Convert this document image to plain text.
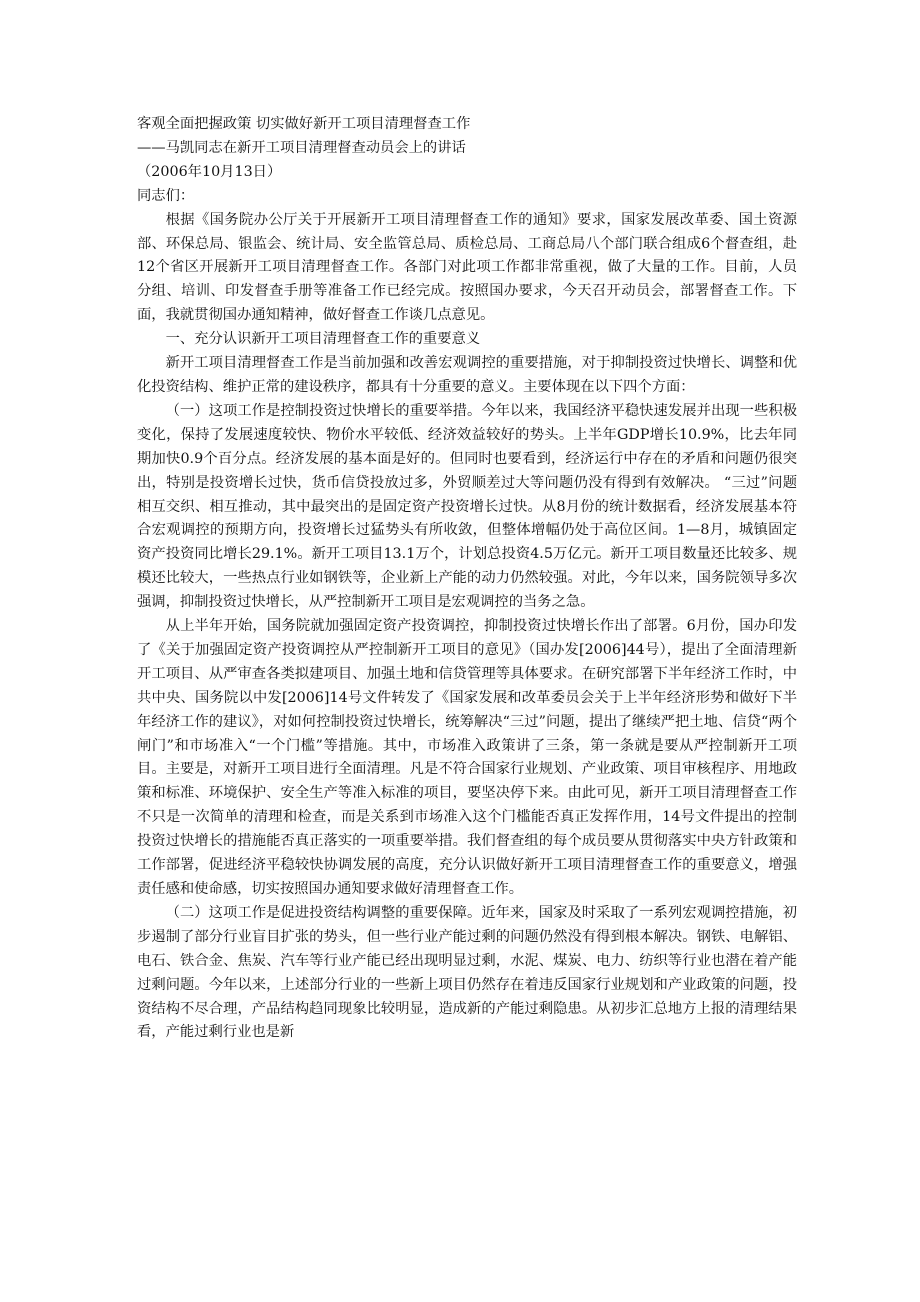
客观全面把握政策 切实做好新开工项目清理督查工作

——马凯同志在新开工项目清理督查动员会上的讲话

（2006年10月13日）

同志们：

根据《国务院办公厅关于开展新开工项目清理督查工作的通知》要求，国家发展改革委、国土资源部、环保总局、银监会、统计局、安全监管总局、质检总局、工商总局八个部门联合组成6个督查组，赴12个省区开展新开工项目清理督查工作。各部门对此项工作都非常重视，做了大量的工作。目前，人员分组、培训、印发督查手册等准备工作已经完成。按照国办要求，今天召开动员会，部署督查工作。下面，我就贯彻国办通知精神，做好督查工作谈几点意见。

一、充分认识新开工项目清理督查工作的重要意义

新开工项目清理督查工作是当前加强和改善宏观调控的重要措施，对于抑制投资过快增长、调整和优化投资结构、维护正常的建设秩序，都具有十分重要的意义。主要体现在以下四个方面：

（一）这项工作是控制投资过快增长的重要举措。今年以来，我国经济平稳快速发展并出现一些积极变化，保持了发展速度较快、物价水平较低、经济效益较好的势头。上半年GDP增长10.9%，比去年同期加快0.9个百分点。经济发展的基本面是好的。但同时也要看到，经济运行中存在的矛盾和问题仍很突出，特别是投资增长过快，货币信贷投放过多，外贸顺差过大等问题仍没有得到有效解决。 “三过”问题相互交织、相互推动，其中最突出的是固定资产投资增长过快。从8月份的统计数据看，经济发展基本符合宏观调控的预期方向，投资增长过猛势头有所收敛，但整体增幅仍处于高位区间。1—8月，城镇固定资产投资同比增长29.1%。新开工项目13.1万个，计划总投资4.5万亿元。新开工项目数量还比较多、规模还比较大，一些热点行业如钢铁等，企业新上产能的动力仍然较强。对此，今年以来，国务院领导多次强调，抑制投资过快增长，从严控制新开工项目是宏观调控的当务之急。

从上半年开始，国务院就加强固定资产投资调控，抑制投资过快增长作出了部署。6月份，国办印发了《关于加强固定资产投资调控从严控制新开工项目的意见》（国办发[2006]44号），提出了全面清理新开工项目、从严审查各类拟建项目、加强土地和信贷管理等具体要求。在研究部署下半年经济工作时，中共中央、国务院以中发[2006]14号文件转发了《国家发展和改革委员会关于上半年经济形势和做好下半年经济工作的建议》，对如何控制投资过快增长，统筹解决“三过”问题，提出了继续严把土地、信贷“两个闸门”和市场准入“一个门槛”等措施。其中，市场准入政策讲了三条，第一条就是要从严控制新开工项目。主要是，对新开工项目进行全面清理。凡是不符合国家行业规划、产业政策、项目审核程序、用地政策和标准、环境保护、安全生产等准入标准的项目，要坚决停下来。由此可见，新开工项目清理督查工作不只是一次简单的清理和检查，而是关系到市场准入这个门槛能否真正发挥作用，14号文件提出的控制投资过快增长的措施能否真正落实的一项重要举措。我们督查组的每个成员要从贯彻落实中央方针政策和工作部署，促进经济平稳较快协调发展的高度，充分认识做好新开工项目清理督查工作的重要意义，增强责任感和使命感，切实按照国办通知要求做好清理督查工作。

（二）这项工作是促进投资结构调整的重要保障。近年来，国家及时采取了一系列宏观调控措施，初步遏制了部分行业盲目扩张的势头，但一些行业产能过剩的问题仍然没有得到根本解决。钢铁、电解铝、电石、铁合金、焦炭、汽车等行业产能已经出现明显过剩，水泥、煤炭、电力、纺织等行业也潜在着产能过剩问题。今年以来，上述部分行业的一些新上项目仍然存在着违反国家行业规划和产业政策的问题，投资结构不尽合理，产品结构趋同现象比较明显，造成新的产能过剩隐患。从初步汇总地方上报的清理结果看，产能过剩行业也是新
